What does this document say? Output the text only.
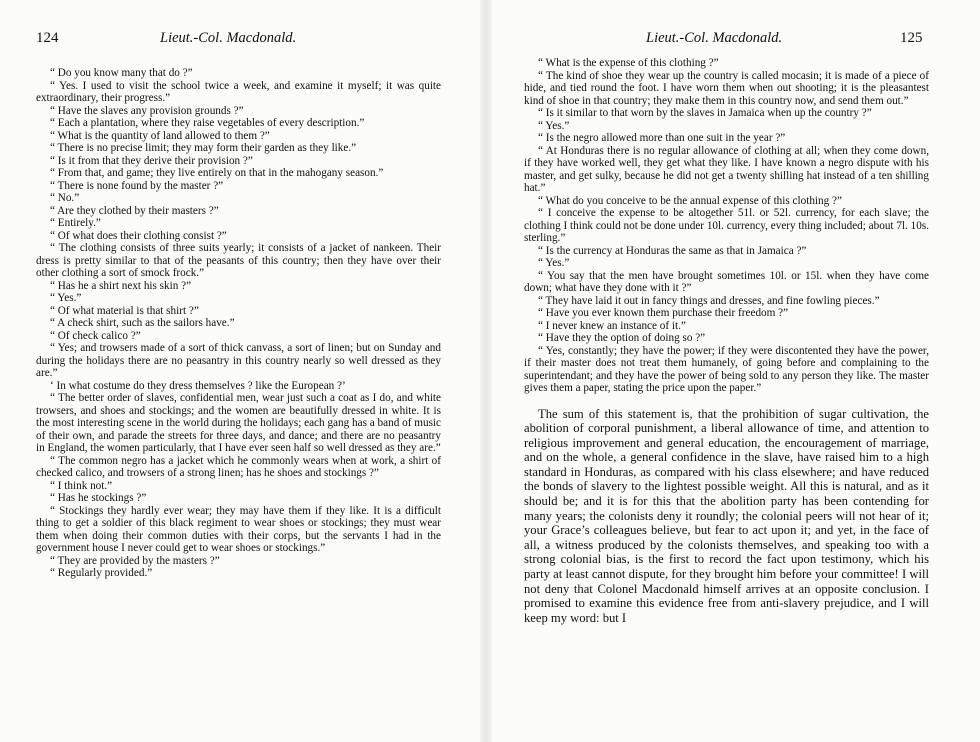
124	Lieut.-Col. Macdonald.

“ Do you know many that do ?”

“ Yes. I used to visit the school twice a week, and examine it myself; it was quite extraordinary, their progress.”

“ Have the slaves any provision grounds ?”

“ Each a plantation, where they raise vegetables of every description.”

“ What is the quantity of land allowed to them ?”

“ There is no precise limit; they may form their garden as they like.”

“ Is it from that they derive their provision ?”

“ From that, and game; they live entirely on that in the mahogany season.”

“ There is none found by the master ?”

“ No.”

“ Are they clothed by their masters ?”

“ Entirely.”

“ Of what does their clothing consist ?”

“ The clothing consists of three suits yearly; it consists of a jacket of nankeen. Their dress is pretty similar to that of the peasants of this country; then they have over their other clothing a sort of smock frock.”

“ Has he a shirt next his skin ?”

“ Yes.”

“ Of what material is that shirt ?”

“ A check shirt, such as the sailors have.”

“ Of check calico ?”

“ Yes; and trowsers made of a sort of thick canvass, a sort of linen; but on Sunday and during the holidays there are no peasantry in this country nearly so well dressed as they are.”

‘ In what costume do they dress themselves ? like the European ?’

“ The better order of slaves, confidential men, wear just such a coat as I do, and white trowsers, and shoes and stockings; and the women are beautifully dressed in white. It is the most interesting scene in the world during the holidays; each gang has a band of music of their own, and parade the streets for three days, and dance; and there are no peasantry in England, the women particularly, that I have ever seen half so well dressed as they are.”

“ The common negro has a jacket which he commonly wears when at work, a shirt of checked calico, and trowsers of a strong linen; has he shoes and stockings ?”

“ I think not.”

“ Has he stockings ?”

“ Stockings they hardly ever wear; they may have them if they like. It is a difficult thing to get a soldier of this black regiment to wear shoes or stockings; they must wear them when doing their common duties with their corps, but the servants I had in the government house I never could get to wear shoes or stockings.”

“ They are provided by the masters ?”

“ Regularly provided.”

Lieut.-Col. Macdonald.	125

“ What is the expense of this clothing ?”

“ The kind of shoe they wear up the country is called mocasin; it is made of a piece of hide, and tied round the foot. I have worn them when out shooting; it is the pleasantest kind of shoe in that country; they make them in this country now, and send them out.”

“ Is it similar to that worn by the slaves in Jamaica when up the country ?”

“ Yes.”

“ Is the negro allowed more than one suit in the year ?”

“ At Honduras there is no regular allowance of clothing at all; when they come down, if they have worked well, they get what they like. I have known a negro dispute with his master, and get sulky, because he did not get a twenty shilling hat instead of a ten shilling hat.”

“ What do you conceive to be the annual expense of this clothing ?”

“ I conceive the expense to be altogether 51l. or 52l. currency, for each slave; the clothing I think could not be done under 10l. currency, every thing included; about 7l. 10s. sterling.”

“ Is the currency at Honduras the same as that in Jamaica ?”

“ Yes.”

“ You say that the men have brought sometimes 10l. or 15l. when they have come down; what have they done with it ?”

“ They have laid it out in fancy things and dresses, and fine fowling pieces.”

“ Have you ever known them purchase their freedom ?”

“ I never knew an instance of it.”

“ Have they the option of doing so ?”

“ Yes, constantly; they have the power; if they were discontented they have the power, if their master does not treat them humanely, of going before and complaining to the superintendant; and they have the power of being sold to any person they like. The master gives them a paper, stating the price upon the paper.”

The sum of this statement is, that the prohibition of sugar cultivation, the abolition of corporal punishment, a liberal allowance of time, and attention to religious improvement and general education, the encouragement of marriage, and on the whole, a general confidence in the slave, have raised him to a high standard in Honduras, as compared with his class elsewhere; and have reduced the bonds of slavery to the lightest possible weight. All this is natural, and as it should be; and it is for this that the abolition party has been contending for many years; the colonists deny it roundly; the colonial peers will not hear of it; your Grace’s colleagues believe, but fear to act upon it; and yet, in the face of all, a witness produced by the colonists themselves, and speaking too with a strong colonial bias, is the first to record the fact upon testimony, which his party at least cannot dispute, for they brought him before your committee! I will not deny that Colonel Macdonald himself arrives at an opposite conclusion. I promised to examine this evidence free from anti-slavery prejudice, and I will keep my word: but I
